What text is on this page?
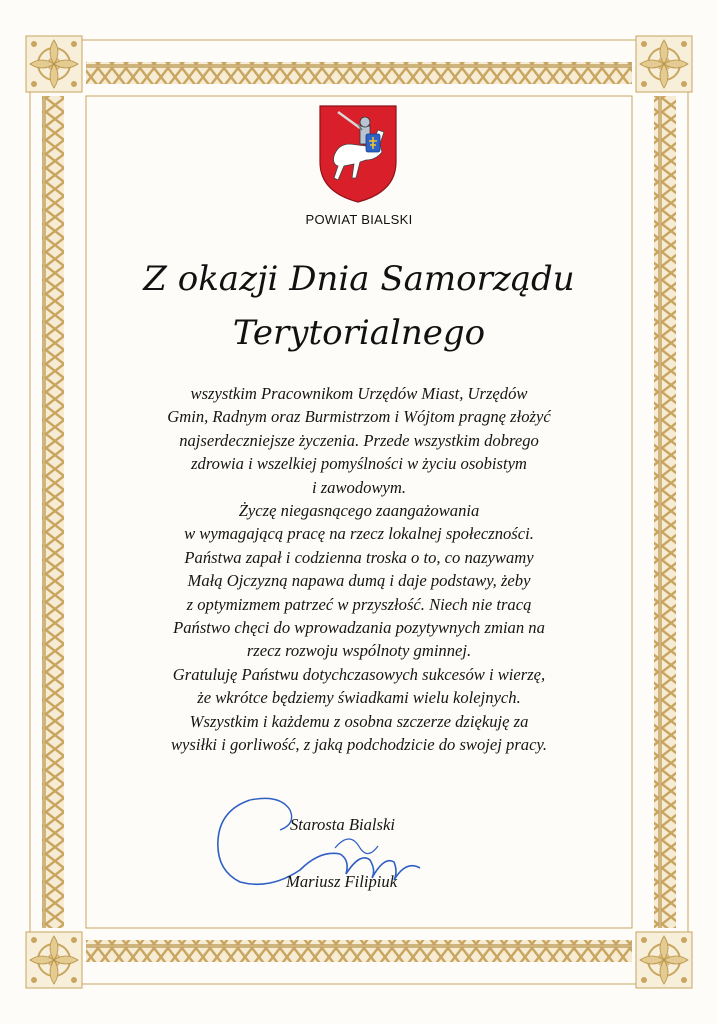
POWIAT BIALSKI
Z okazji Dnia Samorządu
Terytorialnego
wszystkim Pracownikom Urzędów Miast, Urzędów
Gmin, Radnym oraz Burmistrzom i Wójtom pragnę złożyć
najserdeczniejsze życzenia. Przede wszystkim dobrego
zdrowia i wszelkiej pomyślności w życiu osobistym
i zawodowym.
Życzę niegasnącego zaangażowania
w wymagającą pracę na rzecz lokalnej społeczności.
Państwa zapał i codzienna troska o to, co nazywamy
Małą Ojczyzną napawa dumą i daje podstawy, żeby
z optymizmem patrzeć w przyszłość. Niech nie tracą
Państwo chęci do wprowadzania pozytywnych zmian na
rzecz rozwoju wspólnoty gminnej.
Gratuluję Państwu dotychczasowych sukcesów i wierzę,
że wkrótce będziemy świadkami wielu kolejnych.
Wszystkim i każdemu z osobna szczerze dziękuję za
wysiłki i gorliwość, z jaką podchodzicie do swojej pracy.
Starosta Bialski
Mariusz Filipiuk
